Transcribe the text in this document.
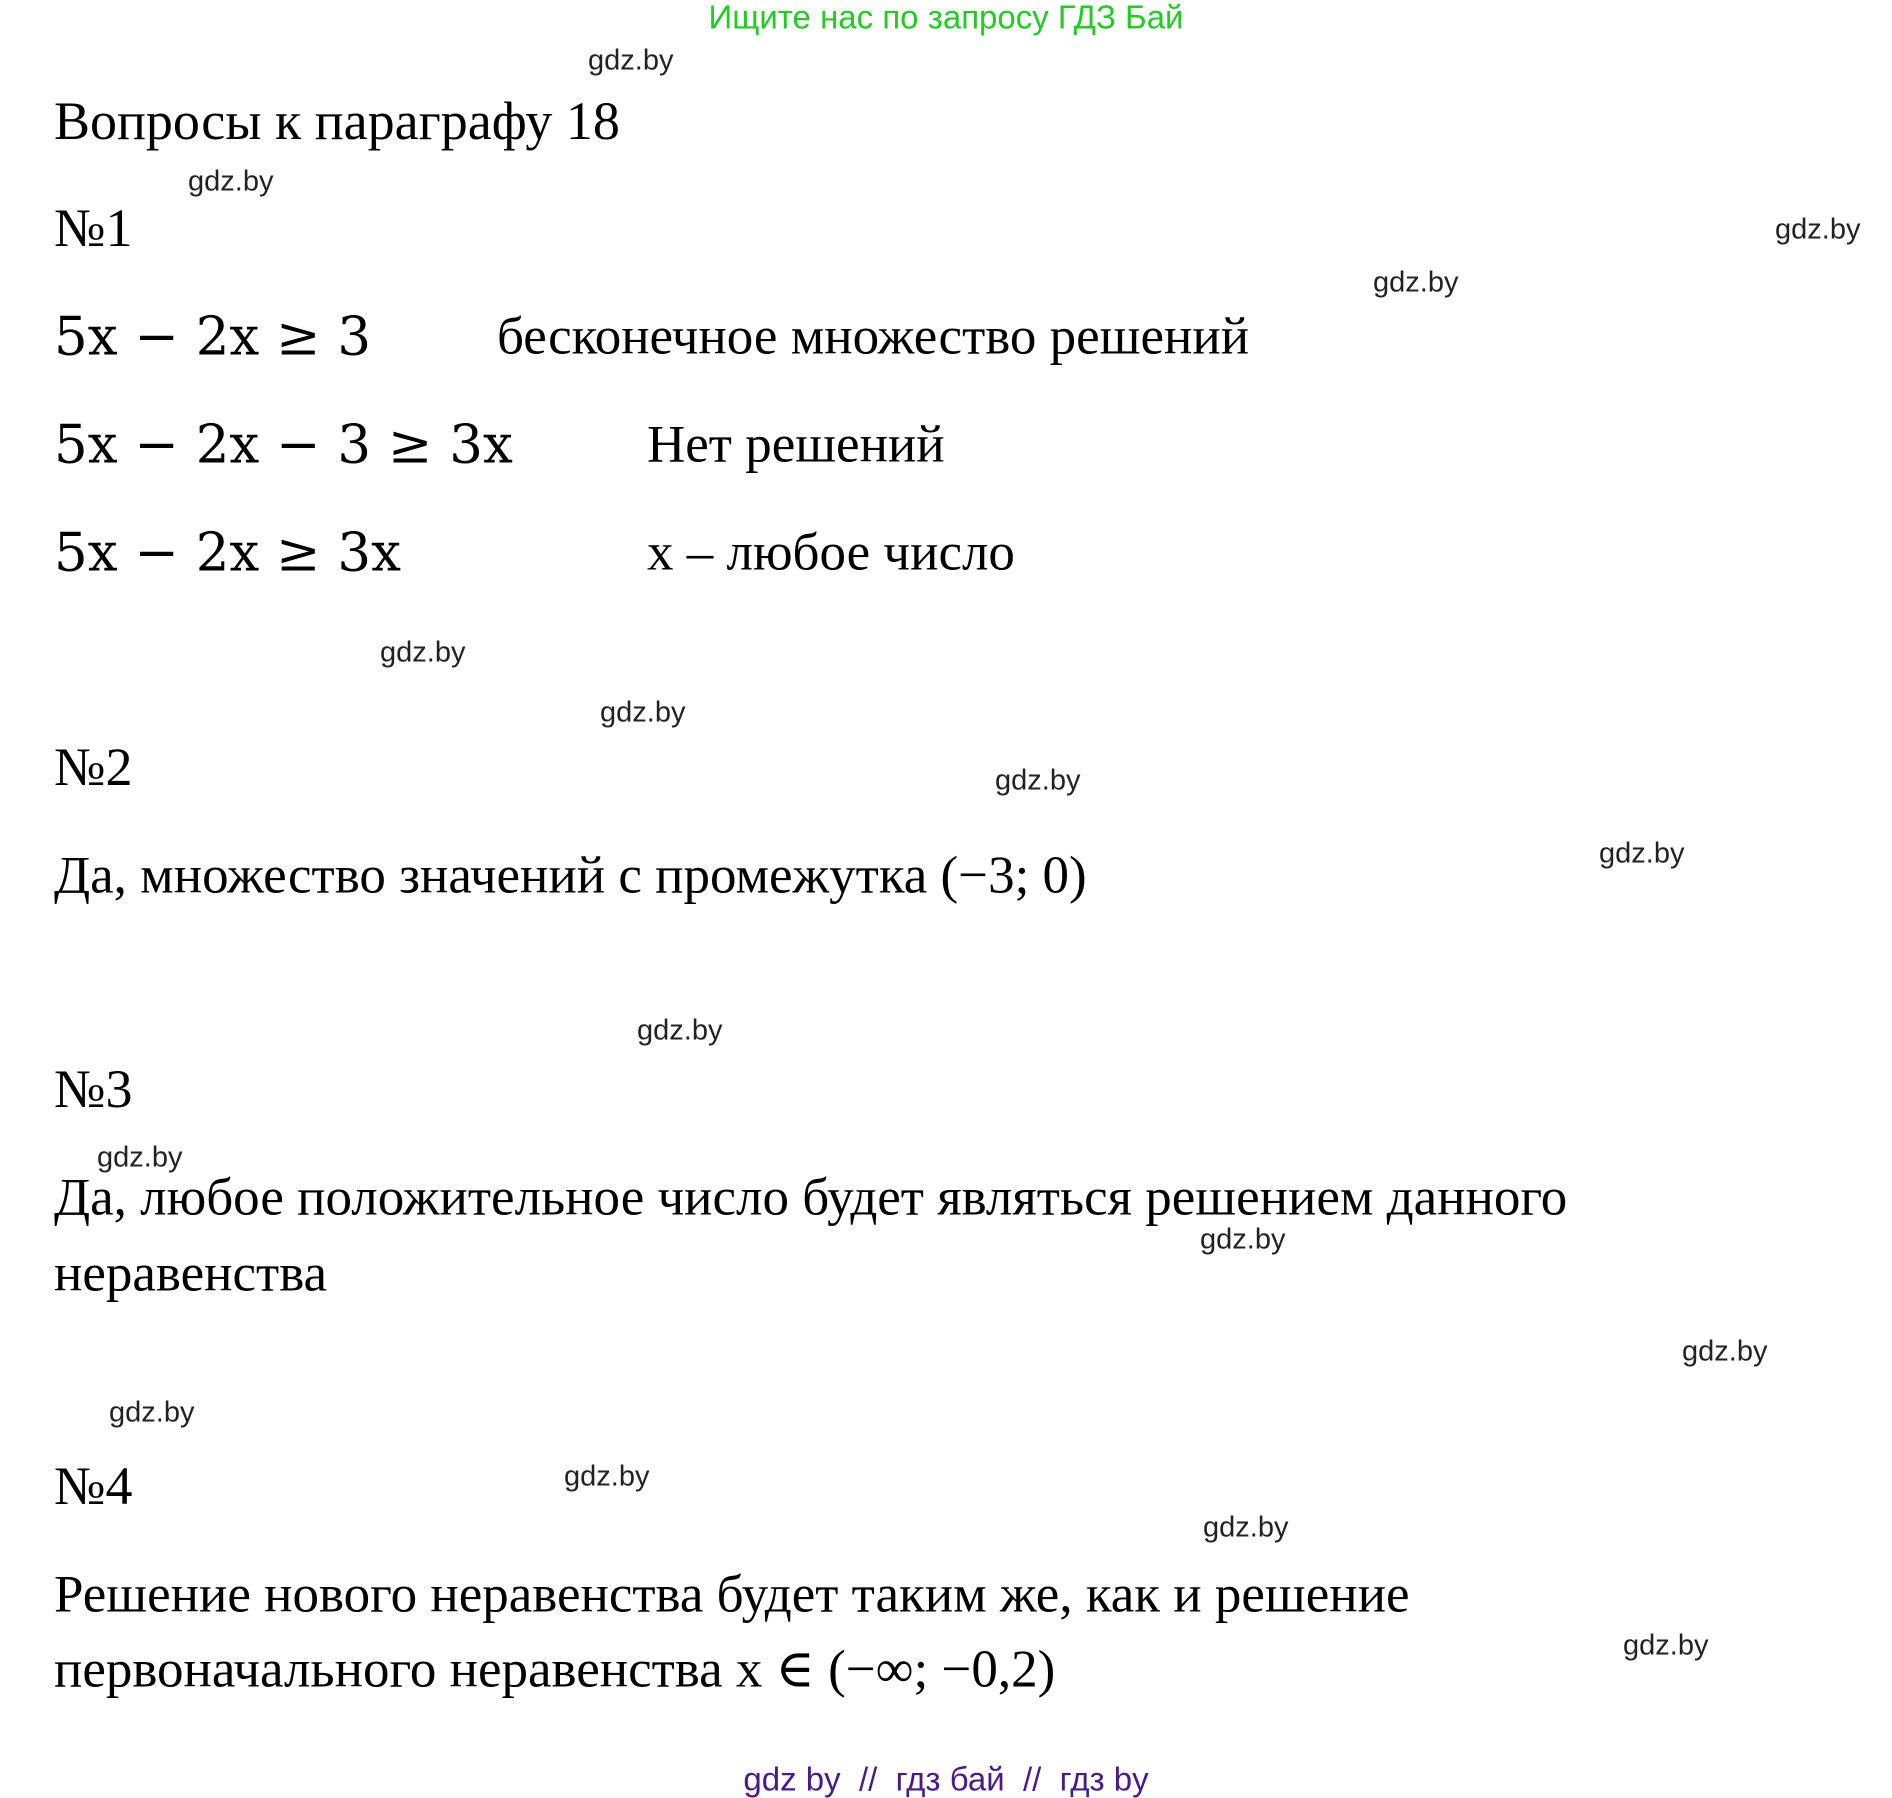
Ищите нас по запросу ГДЗ Бай
gdz.by
gdz.by
gdz.by
gdz.by
gdz.by
gdz.by
gdz.by
gdz.by
gdz.by
gdz.by
gdz.by
gdz.by
gdz.by
gdz.by
gdz.by
gdz.by
Вопросы к параграфу 18
№1
5x − 2x ≥ 3 бесконечное множество решений
5x − 2x − 3 ≥ 3x	Нет решений
5x − 2x ≥ 3x	x – любое число
№2
Да, множество значений с промежутка (−3; 0)
№3
Да, любое положительное число будет являться решением данного
неравенства
№4
Решение нового неравенства будет таким же, как и решение
первоначального неравенства x ∈ (−∞; −0,2)
gdz by  //  гдз бай  //  гдз by
